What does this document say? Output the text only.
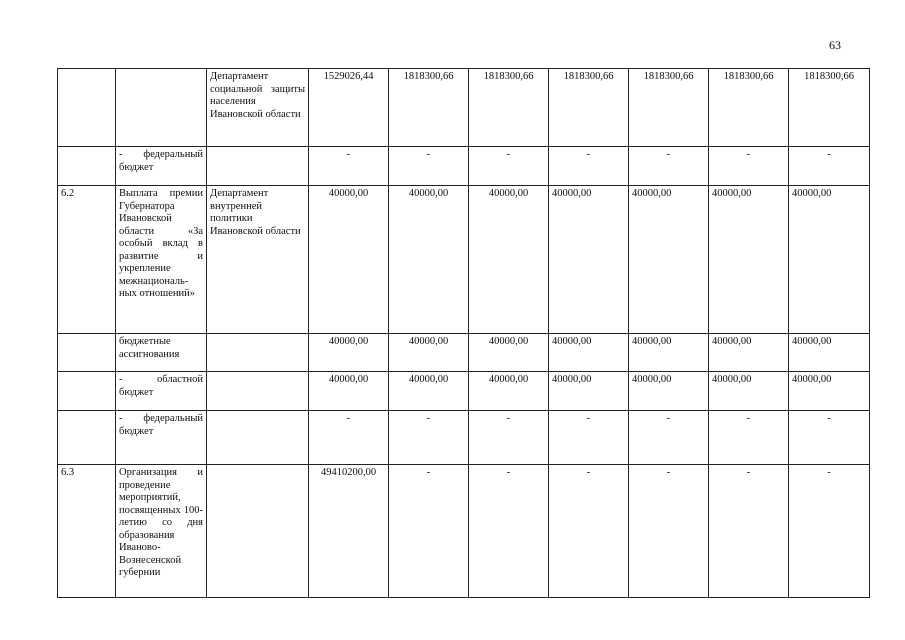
63
		Департамент социальной защиты населения Ивановской области	1529026,44	1818300,66	1818300,66	1818300,66	1818300,66	1818300,66	1818300,66
	- федеральный бюджет		-	-	-	-	-	-	-
6.2	Выплата премии Губернатора Ивановской области «За особый вклад в развитие и укрепление межнациональ-ных отношений»	Департамент внутренней политики Ивановской области	40000,00	40000,00	40000,00	40000,00	40000,00	40000,00	40000,00
	бюджетные ассигнования		40000,00	40000,00	40000,00	40000,00	40000,00	40000,00	40000,00
	- областной бюджет		40000,00	40000,00	40000,00	40000,00	40000,00	40000,00	40000,00
	- федеральный бюджет		-	-	-	-	-	-	-
6.3	Организация и проведение мероприятий, посвященных 100-летию со дня образования Иваново-Вознесенской губернии		49410200,00	-	-	-	-	-	-
